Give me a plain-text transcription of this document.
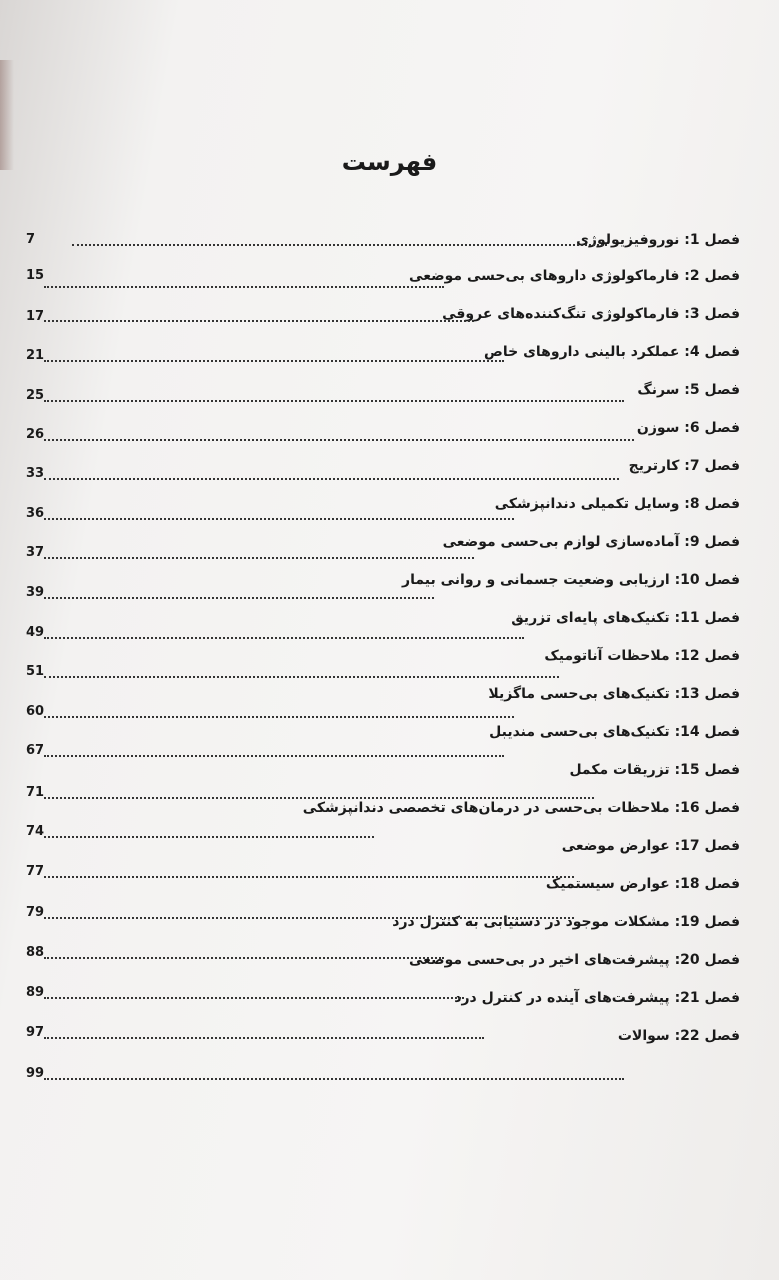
فهرست
فصل 1: نوروفیزیولوژی
فصل 2: فارماکولوژی داروهای بی‌حسی موضعی
فصل 3: فارماکولوژی تنگ‌کننده‌های عروقی
فصل 4: عملکرد بالینی داروهای خاص
فصل 5: سرنگ
فصل 6: سوزن
فصل 7: کارتریج
فصل 8: وسایل تکمیلی دندانپزشکی
فصل 9: آماده‌سازی لوازم بی‌حسی موضعی
فصل 10: ارزیابی وضعیت جسمانی و روانی بیمار
فصل 11: تکنیک‌های پایه‌ای تزریق
فصل 12: ملاحظات آناتومیک
فصل 13: تکنیک‌های بی‌حسی ماگزیلا
فصل 14: تکنیک‌های بی‌حسی مندیبل
فصل 15: تزریقات مکمل
فصل 16: ملاحظات بی‌حسی در درمان‌های تخصصی دندانپزشکی
فصل 17: عوارض موضعی
فصل 18: عوارض سیستمیک
فصل 19: مشکلات موجود در دستیابی به کنترل درد
فصل 20: پیشرفت‌های اخیر در بی‌حسی موضعی
فصل 21: پیشرفت‌های آینده در کنترل درد
فصل 22: سوالات
7
15
17
21
25
26
33
36
37
39
49
51
60
67
71
74
77
79
88
89
97
99
